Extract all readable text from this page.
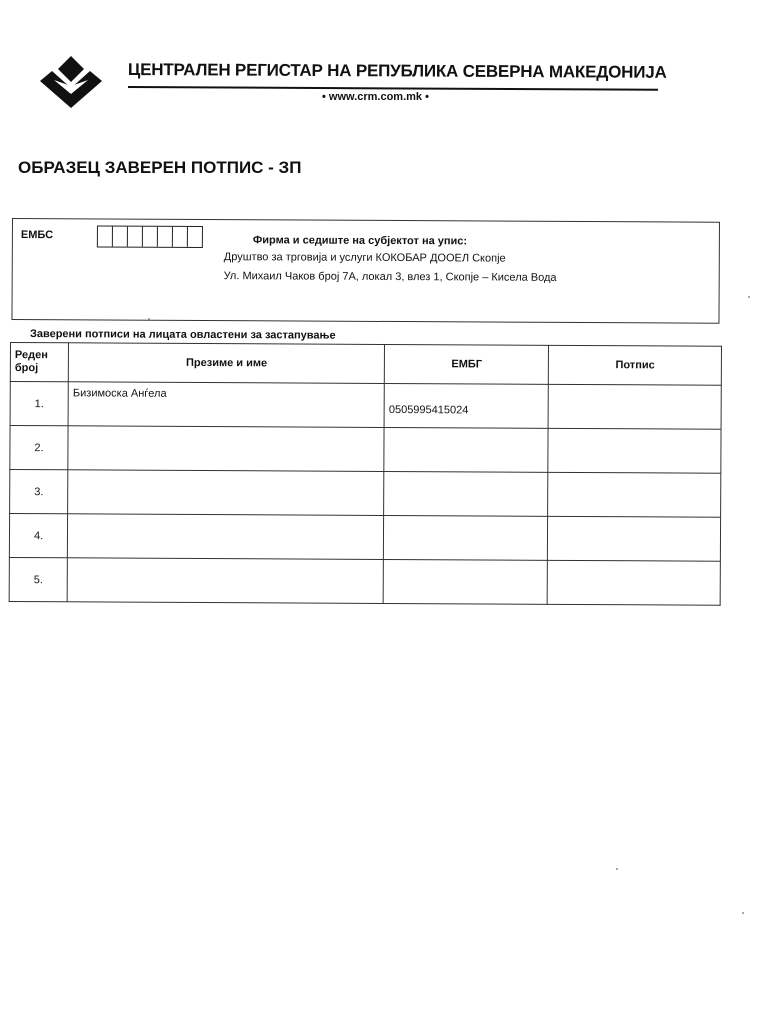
ЦЕНТРАЛЕН РЕГИСТАР НА РЕПУБЛИКА СЕВЕРНА МАКЕДОНИЈА
• www.crm.com.mk •
ОБРАЗЕЦ ЗАВЕРЕН ПОТПИС - ЗП
ЕМБС	Фирма и седиште на субјектот на упис:
Друштво за трговија и услуги КОКОБАР ДООЕЛ Скопје
Ул. Михаил Чаков број 7А, локал 3, влез 1, Скопје – Кисела Вода
Заверени потписи на лицата овластени за застапување
Реден
број	Презиме и име	ЕМБГ	Потпис
1.	Бизимоска Анѓела	0505995415024	
2.			
3.			
4.			
5.			
